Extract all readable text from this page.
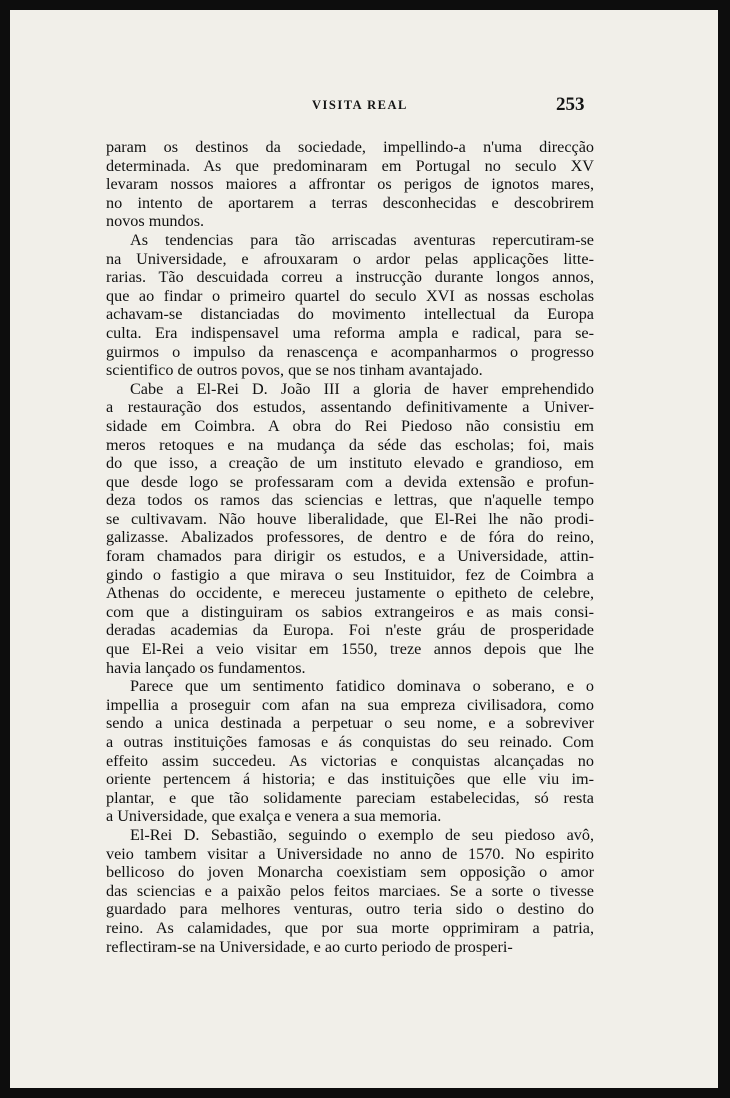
VISITA REAL	253
param os destinos da sociedade, impellindo-a n'uma direcção
determinada. As que predominaram em Portugal no seculo XV
levaram nossos maiores a affrontar os perigos de ignotos mares,
no intento de aportarem a terras desconhecidas e descobrirem
novos mundos.
As tendencias para tão arriscadas aventuras repercutiram-se
na Universidade, e afrouxaram o ardor pelas applicações litte-
rarias. Tão descuidada correu a instrucção durante longos annos,
que ao findar o primeiro quartel do seculo XVI as nossas escholas
achavam-se distanciadas do movimento intellectual da Europa
culta. Era indispensavel uma reforma ampla e radical, para se-
guirmos o impulso da renascença e acompanharmos o progresso
scientifico de outros povos, que se nos tinham avantajado.
Cabe a El-Rei D. João III a gloria de haver emprehendido
a restauração dos estudos, assentando definitivamente a Univer-
sidade em Coimbra. A obra do Rei Piedoso não consistiu em
meros retoques e na mudança da séde das escholas; foi, mais
do que isso, a creação de um instituto elevado e grandioso, em
que desde logo se professaram com a devida extensão e profun-
deza todos os ramos das sciencias e lettras, que n'aquelle tempo
se cultivavam. Não houve liberalidade, que El-Rei lhe não prodi-
galizasse. Abalizados professores, de dentro e de fóra do reino,
foram chamados para dirigir os estudos, e a Universidade, attin-
gindo o fastigio a que mirava o seu Instituidor, fez de Coimbra a
Athenas do occidente, e mereceu justamente o epitheto de celebre,
com que a distinguiram os sabios extrangeiros e as mais consi-
deradas academias da Europa. Foi n'este gráu de prosperidade
que El-Rei a veio visitar em 1550, treze annos depois que lhe
havia lançado os fundamentos.
Parece que um sentimento fatidico dominava o soberano, e o
impellia a proseguir com afan na sua empreza civilisadora, como
sendo a unica destinada a perpetuar o seu nome, e a sobreviver
a outras instituições famosas e ás conquistas do seu reinado. Com
effeito assim succedeu. As victorias e conquistas alcançadas no
oriente pertencem á historia; e das instituições que elle viu im-
plantar, e que tão solidamente pareciam estabelecidas, só resta
a Universidade, que exalça e venera a sua memoria.
El-Rei D. Sebastião, seguindo o exemplo de seu piedoso avô,
veio tambem visitar a Universidade no anno de 1570. No espirito
bellicoso do joven Monarcha coexistiam sem opposição o amor
das sciencias e a paixão pelos feitos marciaes. Se a sorte o tivesse
guardado para melhores venturas, outro teria sido o destino do
reino. As calamidades, que por sua morte opprimiram a patria,
reflectiram-se na Universidade, e ao curto periodo de prosperi-
